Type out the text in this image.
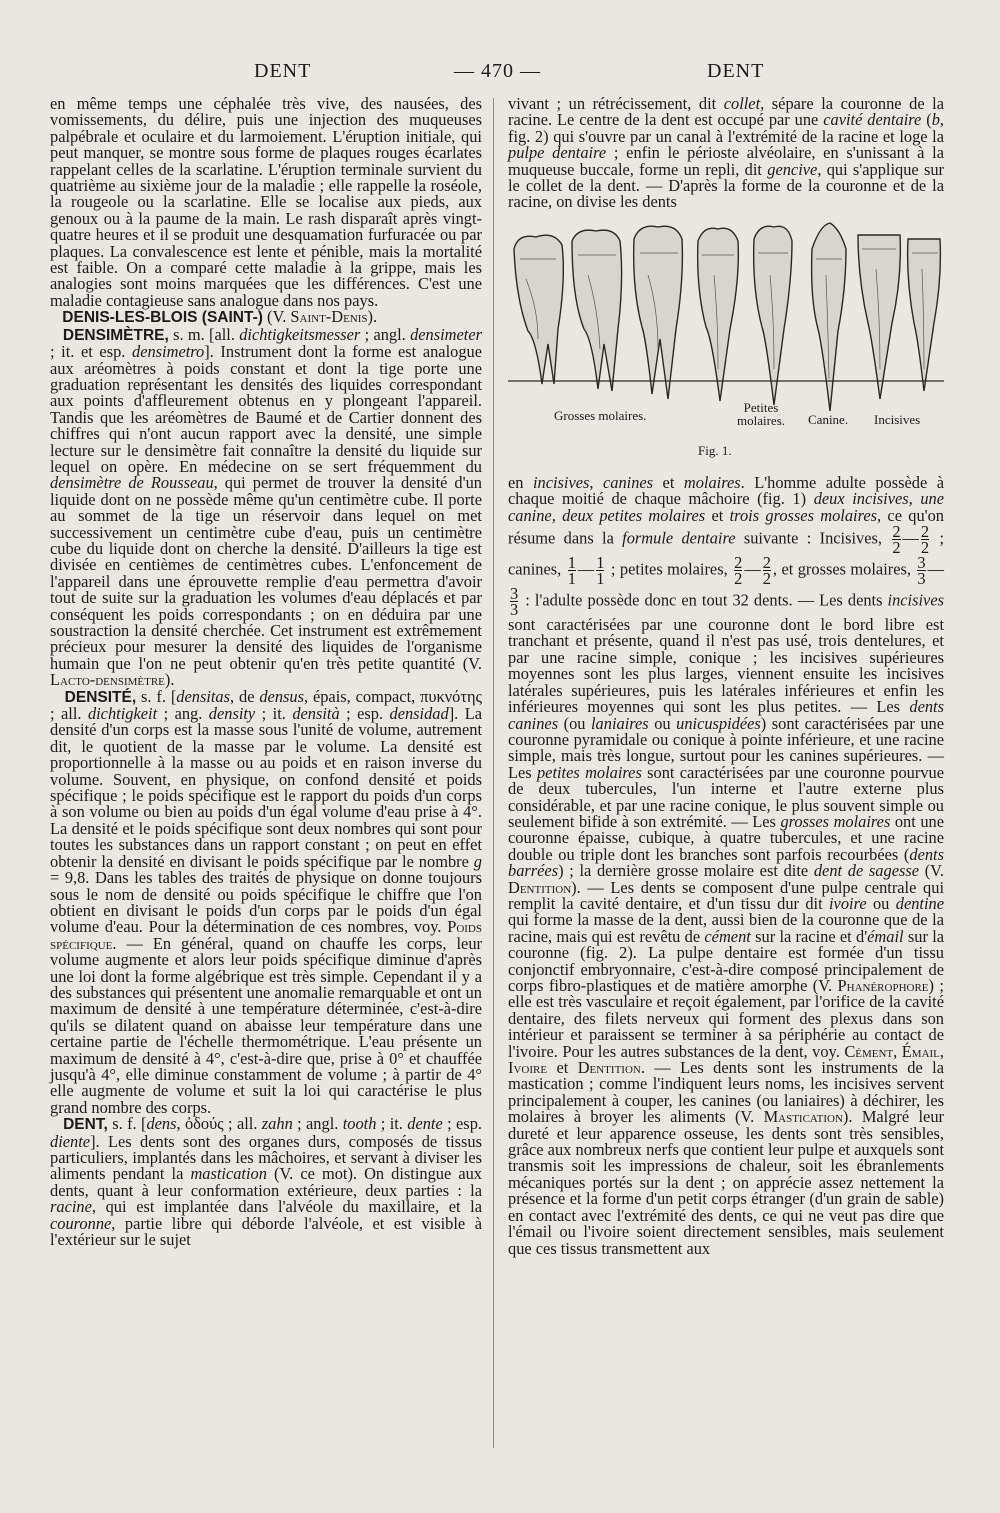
DENT	— 470 —	DENT

en même temps une céphalée très vive, des nausées, des vomissements, du délire, puis une injection des muqueuses palpébrale et oculaire et du larmoiement. L'éruption initiale, qui peut manquer, se montre sous forme de plaques rouges écarlates rappelant celles de la scarlatine. L'éruption terminale survient du quatrième au sixième jour de la maladie ; elle rappelle la roséole, la rougeole ou la scarlatine. Elle se localise aux pieds, aux genoux ou à la paume de la main. Le rash disparaît après vingt-quatre heures et il se produit une desquamation furfuracée ou par plaques. La convalescence est lente et pénible, mais la mortalité est faible. On a comparé cette maladie à la grippe, mais les analogies sont moins marquées que les différences. C'est une maladie contagieuse sans analogue dans nos pays.

DENIS-LES-BLOIS (SAINT-) (V. Saint-Denis).

DENSIMÈTRE, s. m. [all. dichtigkeitsmesser ; angl. densimeter ; it. et esp. densimetro]. Instrument dont la forme est analogue aux aréomètres à poids constant et dont la tige porte une graduation représentant les densités des liquides correspondant aux points d'affleurement obtenus en y plongeant l'appareil. Tandis que les aréomètres de Baumé et de Cartier donnent des chiffres qui n'ont aucun rapport avec la densité, une simple lecture sur le densimètre fait connaître la densité du liquide sur lequel on opère. En médecine on se sert fréquemment du densimètre de Rousseau, qui permet de trouver la densité d'un liquide dont on ne possède même qu'un centimètre cube. Il porte au sommet de la tige un réservoir dans lequel on met successivement un centimètre cube d'eau, puis un centimètre cube du liquide dont on cherche la densité. D'ailleurs la tige est divisée en centièmes de centimètres cubes. L'enfoncement de l'appareil dans une éprouvette remplie d'eau permettra d'avoir tout de suite sur la graduation les volumes d'eau déplacés et par conséquent les poids correspondants ; on en déduira par une soustraction la densité cherchée. Cet instrument est extrêmement précieux pour mesurer la densité des liquides de l'organisme humain que l'on ne peut obtenir qu'en très petite quantité (V. Lacto-densimètre).

DENSITÉ, s. f. [densitas, de densus, épais, compact, πυκνότης ; all. dichtigkeit ; ang. density ; it. densità ; esp. densidad]. La densité d'un corps est la masse sous l'unité de volume, autrement dit, le quotient de la masse par le volume. La densité est proportionnelle à la masse ou au poids et en raison inverse du volume. Souvent, en physique, on confond densité et poids spécifique ; le poids spécifique est le rapport du poids d'un corps à son volume ou bien au poids d'un égal volume d'eau prise à 4°. La densité et le poids spécifique sont deux nombres qui sont pour toutes les substances dans un rapport constant ; on peut en effet obtenir la densité en divisant le poids spécifique par le nombre g = 9,8. Dans les tables des traités de physique on donne toujours sous le nom de densité ou poids spécifique le chiffre que l'on obtient en divisant le poids d'un corps par le poids d'un égal volume d'eau. Pour la détermination de ces nombres, voy. Poids spécifique. — En général, quand on chauffe les corps, leur volume augmente et alors leur poids spécifique diminue d'après une loi dont la forme algébrique est très simple. Cependant il y a des substances qui présentent une anomalie remarquable et ont un maximum de densité à une température déterminée, c'est-à-dire qu'ils se dilatent quand on abaisse leur température dans une certaine partie de l'échelle thermométrique. L'eau présente un maximum de densité à 4°, c'est-à-dire que, prise à 0° et chauffée jusqu'à 4°, elle diminue constamment de volume ; à partir de 4° elle augmente de volume et suit la loi qui caractérise le plus grand nombre des corps.

DENT, s. f. [dens, ὀδούς ; all. zahn ; angl. tooth ; it. dente ; esp. diente]. Les dents sont des organes durs, composés de tissus particuliers, implantés dans les mâchoires, et servant à diviser les aliments pendant la mastication (V. ce mot). On distingue aux dents, quant à leur conformation extérieure, deux parties : la racine, qui est implantée dans l'alvéole du maxillaire, et la couronne, partie libre qui déborde l'alvéole, et est visible à l'extérieur sur le sujet

vivant ; un rétrécissement, dit collet, sépare la couronne de la racine. Le centre de la dent est occupé par une cavité dentaire (b, fig. 2) qui s'ouvre par un canal à l'extrémité de la racine et loge la pulpe dentaire ; enfin le périoste alvéolaire, en s'unissant à la muqueuse buccale, forme un repli, dit gencive, qui s'applique sur le collet de la dent. — D'après la forme de la couronne et de la racine, on divise les dents

Grosses molaires.
Petites molaires.	Canine. Incisives
Fig. 1.

en incisives, canines et molaires. L'homme adulte possède à chaque moitié de chaque mâchoire (fig. 1) deux incisives, une canine, deux petites molaires et trois grosses molaires, ce qu'on résume dans la formule dentaire suivante : Incisives, $\frac{2}{2}$ — $\frac{2}{2}$ ; canines, $\frac{1}{1}$ — $\frac{1}{1}$ ; petites molaires, $\frac{2}{2}$ — $\frac{2}{2}$ , et grosses molaires, $\frac{3}{3}$ —
$\frac{3}{3}$ : l'adulte possède donc en tout 32 dents. — Les dents incisives sont caractérisées par une couronne dont le bord libre est tranchant et présente, quand il n'est pas usé, trois dentelures, et par une racine simple, conique ; les incisives supérieures moyennes sont les plus larges, viennent ensuite les incisives latérales supérieures, puis les latérales inférieures et enfin les inférieures moyennes qui sont les plus petites. — Les dents canines (ou laniaires ou unicuspidées) sont caractérisées par une couronne pyramidale ou conique à pointe inférieure, et une racine simple, mais très longue, surtout pour les canines supérieures. — Les petites molaires sont caractérisées par une couronne pourvue de deux tubercules, l'un interne et l'autre externe plus considérable, et par une racine conique, le plus souvent simple ou seulement bifide à son extrémité. — Les grosses molaires ont une couronne épaisse, cubique, à quatre tubercules, et une racine double ou triple dont les branches sont parfois recourbées (dents barrées) ; la dernière grosse molaire est dite dent de sagesse (V. Dentition). — Les dents se composent d'une pulpe centrale qui remplit la cavité dentaire, et d'un tissu dur dit ivoire ou dentine qui forme la masse de la dent, aussi bien de la couronne que de la racine, mais qui est revêtu de cément sur la racine et d'émail sur la couronne (fig. 2). La pulpe dentaire est formée d'un tissu conjonctif embryonnaire, c'est-à-dire composé principalement de corps fibro-plastiques et de matière amorphe (V. Phanérophore) ; elle est très vasculaire et reçoit également, par l'orifice de la cavité dentaire, des filets nerveux qui forment des plexus dans son intérieur et paraissent se terminer à sa périphérie au contact de l'ivoire. Pour les autres substances de la dent, voy. Cément, Émail, Ivoire et Dentition. — Les dents sont les instruments de la mastication ; comme l'indiquent leurs noms, les incisives servent principalement à couper, les canines (ou laniaires) à déchirer, les molaires à broyer les aliments (V. Mastication). Malgré leur dureté et leur apparence osseuse, les dents sont très sensibles, grâce aux nombreux nerfs que contient leur pulpe et auxquels sont transmis soit les impressions de chaleur, soit les ébranlements mécaniques portés sur la dent ; on apprécie assez nettement la présence et la forme d'un petit corps étranger (d'un grain de sable) en contact avec l'extrémité des dents, ce qui ne veut pas dire que l'émail ou l'ivoire soient directement sensibles, mais seulement que ces tissus transmettent aux
